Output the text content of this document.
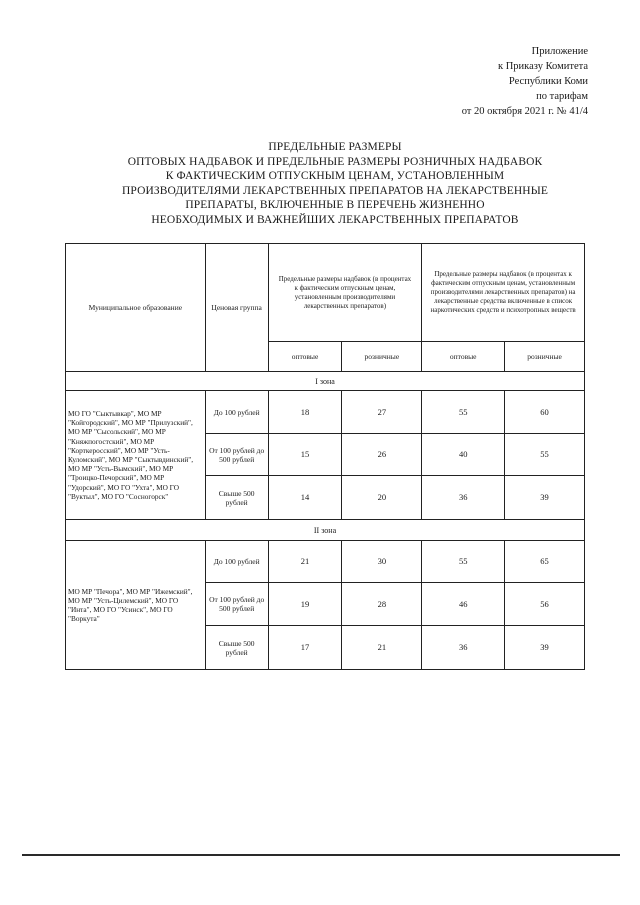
Приложение
к Приказу Комитета
Республики Коми
по тарифам
от 20 октября 2021 г. № 41/4
ПРЕДЕЛЬНЫЕ РАЗМЕРЫ
ОПТОВЫХ НАДБАВОК И ПРЕДЕЛЬНЫЕ РАЗМЕРЫ РОЗНИЧНЫХ НАДБАВОК
К ФАКТИЧЕСКИМ ОТПУСКНЫМ ЦЕНАМ, УСТАНОВЛЕННЫМ
ПРОИЗВОДИТЕЛЯМИ ЛЕКАРСТВЕННЫХ ПРЕПАРАТОВ НА ЛЕКАРСТВЕННЫЕ
ПРЕПАРАТЫ, ВКЛЮЧЕННЫЕ В ПЕРЕЧЕНЬ ЖИЗНЕННО
НЕОБХОДИМЫХ И ВАЖНЕЙШИХ ЛЕКАРСТВЕННЫХ ПРЕПАРАТОВ
Муниципальное образование	Ценовая группа	Предельные размеры надбавок (в процентах к фактическим отпускным ценам, установленным производителями лекарственных препаратов)		Предельные размеры надбавок (в процентах к фактическим отпускным ценам, установленным производителями лекарственных препаратов) на лекарственные средства включенные в список наркотических средств и психотропных веществ	
		оптовые	розничные	оптовые	розничные
I зона					
МО ГО "Сыктывкар", МО МР "Койгородский", МО МР "Прилузский", МО МР "Сысольский", МО МР "Княжпогостский", МО МР "Корткеросский", МО МР "Усть-Куломский", МО МР "Сыктывдинский", МО МР "Усть-Вымский", МО МР "Троицко-Печорский", МО МР "Удорский", МО ГО "Ухта", МО ГО "Вуктыл", МО ГО "Сосногорск"	До 100 рублей	18	27	55	60
	От 100 рублей до 500 рублей	15	26	40	55
	Свыше 500 рублей	14	20	36	39
II зона					
МО МР "Печора", МО МР "Ижемский", МО МР "Усть-Цилемский", МО ГО "Инта", МО ГО "Усинск", МО ГО "Воркута"	До 100 рублей	21	30	55	65
	От 100 рублей до 500 рублей	19	28	46	56
	Свыше 500 рублей	17	21	36	39
